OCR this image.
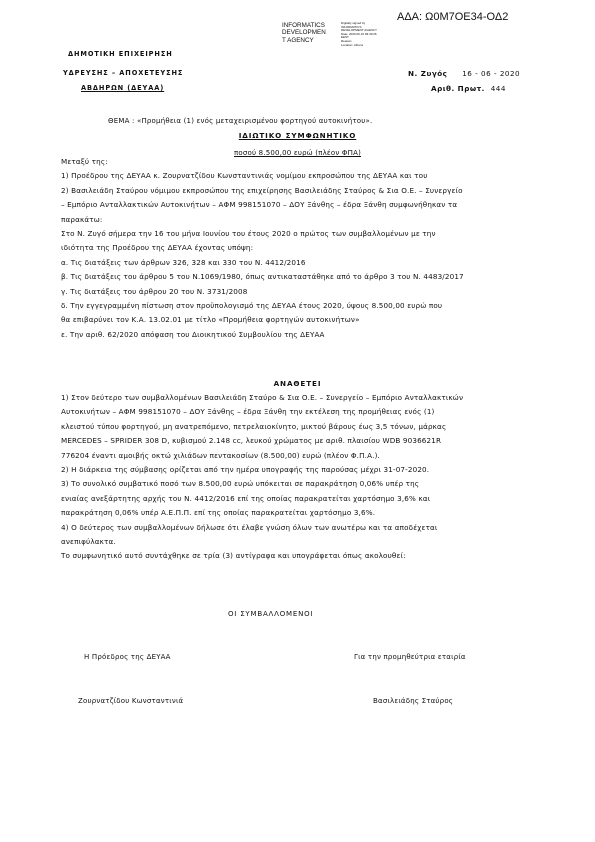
ΑΔΑ: Ω0Μ7ΟΕ34-ΟΔ2
INFORMATICS
DEVELOPMEN
T AGENCY
Digitally signed by
INFORMATICS
DEVELOPMENT AGENCY
Date: 2020.06.16 09:49:26
EEST
Reason:
Location: Athens
ΔΗΜΟΤΙΚΗ ΕΠΙΧΕΙΡΗΣΗ
ΥΔΡΕΥΣΗΣ – ΑΠΟΧΕΤΕΥΣΗΣ
ΑΒΔΗΡΩΝ (ΔΕΥΑΑ)
Ν. Ζυγός 16 - 06 - 2020
Αριθ. Πρωτ. 444
ΘΕΜΑ : «Προμήθεια (1) ενός μεταχειρισμένου φορτηγού αυτοκινήτου».
ΙΔΙΩΤΙΚΟ ΣΥΜΦΩΝΗΤΙΚΟ
ποσού 8.500,00 ευρώ (πλέον ΦΠΑ)
Μεταξύ της:
1) Προέδρου της ΔΕΥΑΑ κ. Ζουρνατζίδου Κωνσταντινιάς νομίμου εκπροσώπου της ΔΕΥΑΑ και του
2) Βασιλειάδη Σταύρου νόμιμου εκπροσώπου της επιχείρησης Βασιλειάδης Σταύρος & Σια Ο.Ε. – Συνεργείο
– Εμπόριο Ανταλλακτικών Αυτοκινήτων – ΑΦΜ 998151070 – ΔΟΥ Ξάνθης – έδρα Ξάνθη συμφωνήθηκαν τα
παρακάτω:
Στο Ν. Ζυγό σήμερα την 16 του μήνα Ιουνίου του έτους 2020 ο πρώτος των συμβαλλομένων με την
ιδιότητα της Προέδρου της ΔΕΥΑΑ έχοντας υπόψη:
α. Τις διατάξεις των άρθρων 326, 328 και 330 του Ν. 4412/2016
β. Τις διατάξεις του άρθρου 5 του Ν.1069/1980, όπως αντικαταστάθηκε από το άρθρο 3 του Ν. 4483/2017
γ. Τις διατάξεις του άρθρου 20 του Ν. 3731/2008
δ. Την εγγεγραμμένη πίστωση στον προϋπολογισμό της ΔΕΥΑΑ έτους 2020, ύψους 8.500,00 ευρώ που
θα επιβαρύνει τον Κ.Α. 13.02.01 με τίτλο «Προμήθεια φορτηγών αυτοκινήτων»
ε. Την αριθ. 62/2020 απόφαση του Διοικητικού Συμβουλίου της ΔΕΥΑΑ
ΑΝΑΘΕΤΕΙ
1) Στον δεύτερο των συμβαλλομένων Βασιλειάδη Σταύρο & Σια Ο.Ε. – Συνεργείο – Εμπόριο Ανταλλακτικών
Αυτοκινήτων – ΑΦΜ 998151070 – ΔΟΥ Ξάνθης – έδρα Ξάνθη την εκτέλεση της προμήθειας ενός (1)
κλειστού τύπου φορτηγού, μη ανατρεπόμενο, πετρελαιοκίνητο, μικτού βάρους έως 3,5 τόνων, μάρκας
MERCEDES – SPRIDER 308 D, κυβισμού 2.148 cc, λευκού χρώματος με αριθ. πλαισίου WDB 9036621R
776204 έναντι αμοιβής οκτώ χιλιάδων πεντακοσίων (8.500,00) ευρώ (πλέον Φ.Π.Α.).
2) Η διάρκεια της σύμβασης ορίζεται από την ημέρα υπογραφής της παρούσας μέχρι 31-07-2020.
3) Το συνολικό συμβατικό ποσό των 8.500,00 ευρώ υπόκειται σε παρακράτηση 0,06% υπέρ της
ενιαίας ανεξάρτητης αρχής του Ν. 4412/2016 επί της οποίας παρακρατείται χαρτόσημο 3,6% και
παρακράτηση 0,06% υπέρ Α.Ε.Π.Π. επί της οποίας παρακρατείται χαρτόσημο 3,6%.
4) Ο δεύτερος των συμβαλλομένων δήλωσε ότι έλαβε γνώση όλων των ανωτέρω και τα αποδέχεται
ανεπιφύλακτα.
Το συμφωνητικό αυτό συντάχθηκε σε τρία (3) αντίγραφα και υπογράφεται όπως ακολουθεί:
ΟΙ ΣΥΜΒΑΛΛΟΜΕΝΟΙ
Η Πρόεδρος της ΔΕΥΑΑ	Για την προμηθεύτρια εταιρία
Ζουρνατζίδου Κωνσταντινιά	Βασιλειάδης Σταύρος
